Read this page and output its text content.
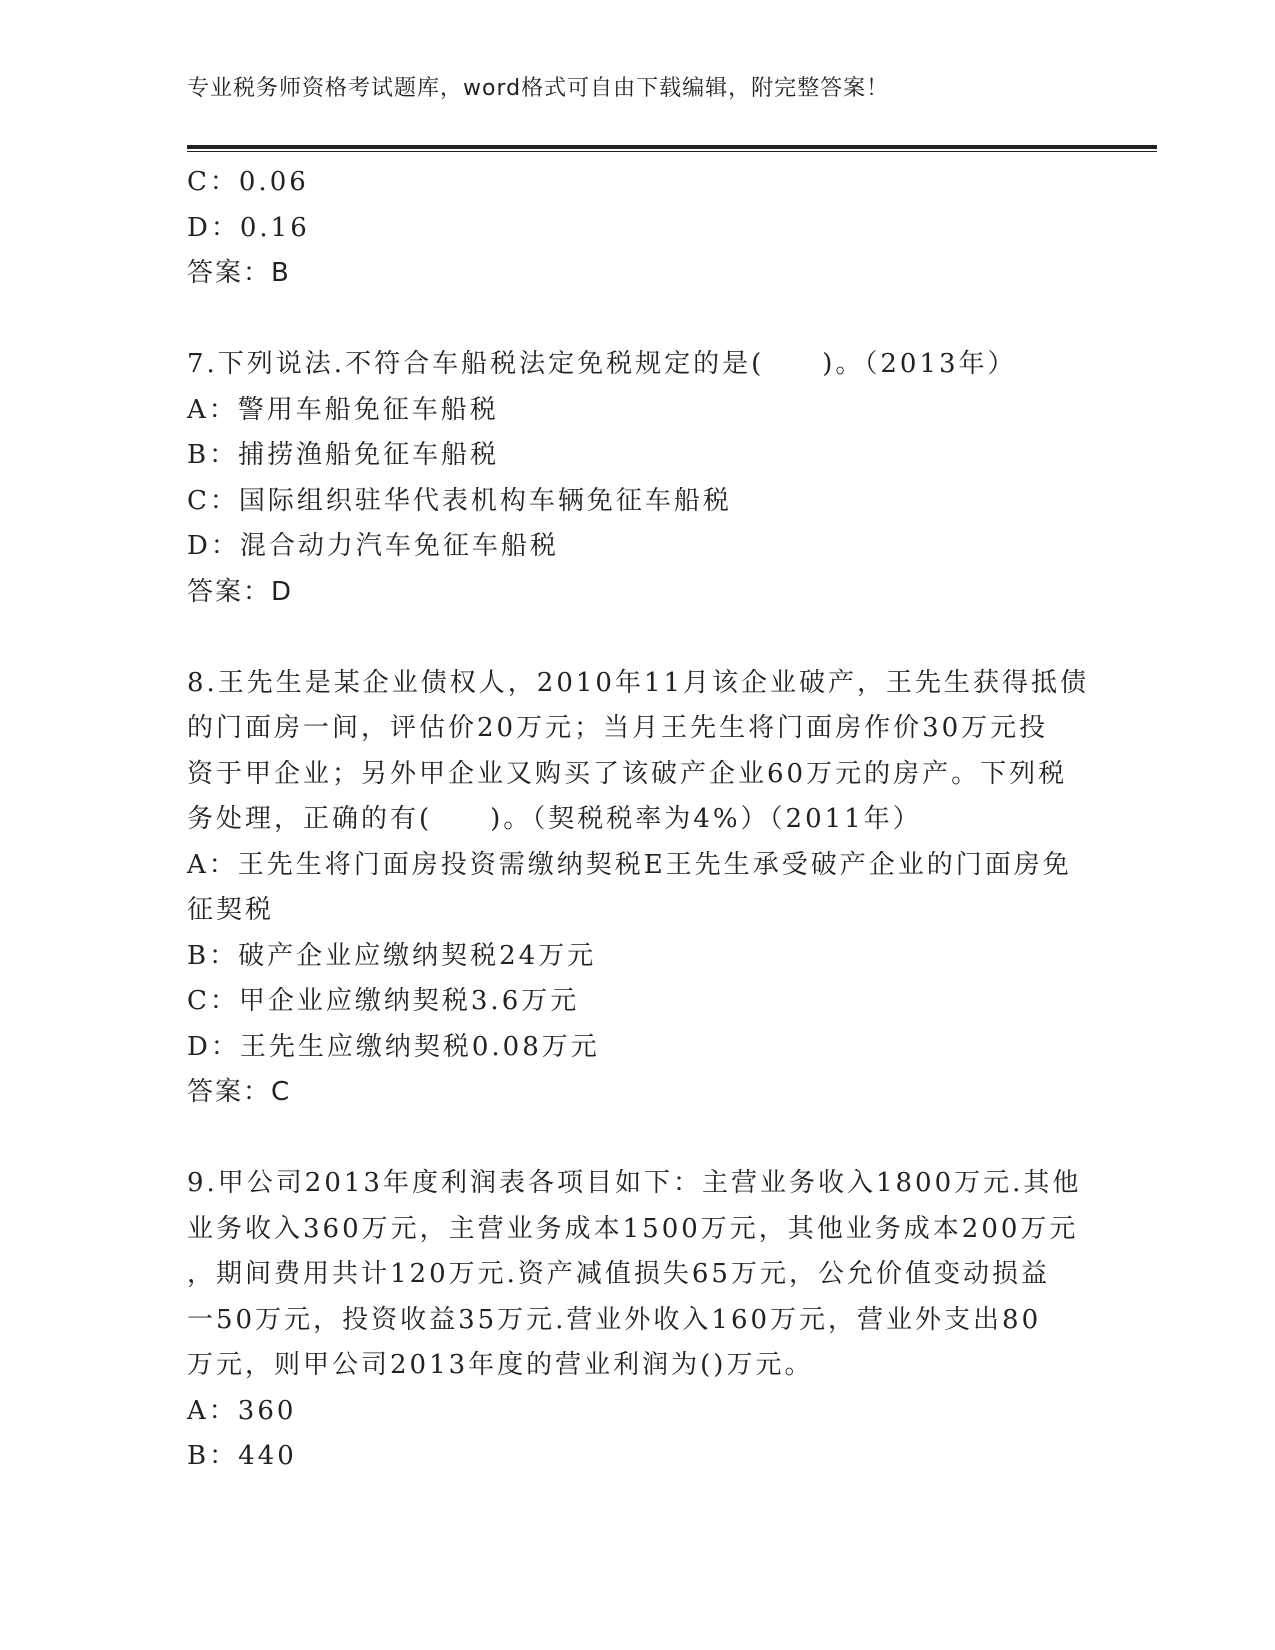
专业税务师资格考试题库，word格式可自由下载编辑，附完整答案！
C：0.06
D：0.16
答案：B
7.下列说法.不符合车船税法定免税规定的是(　　)。（2013年）
A：警用车船免征车船税
B：捕捞渔船免征车船税
C：国际组织驻华代表机构车辆免征车船税
D：混合动力汽车免征车船税
答案：D
8.王先生是某企业债权人，2010年11月该企业破产，王先生获得抵债
的门面房一间，评估价20万元；当月王先生将门面房作价30万元投
资于甲企业；另外甲企业又购买了该破产企业60万元的房产。下列税
务处理，正确的有(　　)。（契税税率为4%）（2011年）
A：王先生将门面房投资需缴纳契税E王先生承受破产企业的门面房免
征契税
B：破产企业应缴纳契税24万元
C：甲企业应缴纳契税3.6万元
D：王先生应缴纳契税0.08万元
答案：C
9.甲公司2013年度利润表各项目如下：主营业务收入1800万元.其他
业务收入360万元，主营业务成本1500万元，其他业务成本200万元
，期间费用共计120万元.资产减值损失65万元，公允价值变动损益
一50万元，投资收益35万元.营业外收入160万元，营业外支出80
万元，则甲公司2013年度的营业利润为()万元。
A：360
B：440
